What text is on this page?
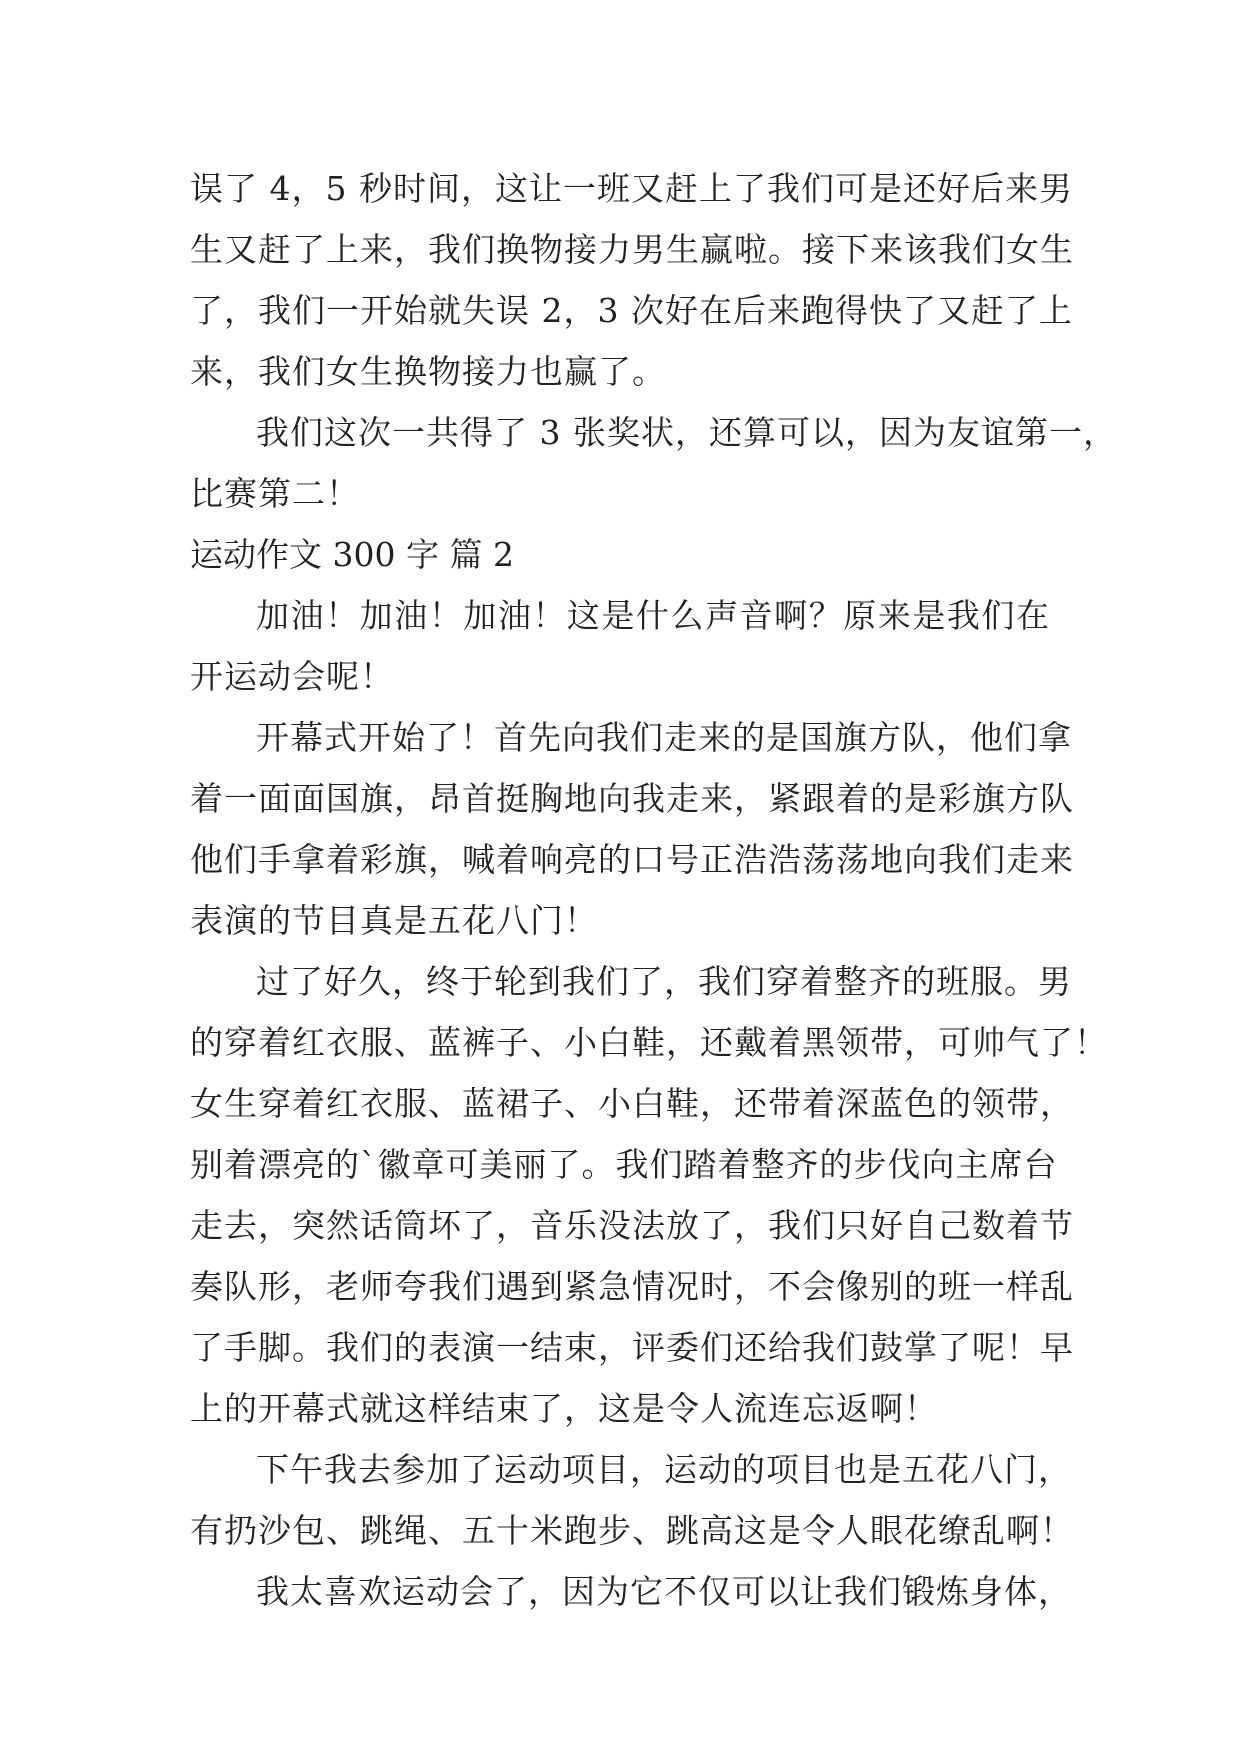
误了 4，5 秒时间，这让一班又赶上了我们可是还好后来男
生又赶了上来，我们换物接力男生赢啦。接下来该我们女生
了，我们一开始就失误 2，3 次好在后来跑得快了又赶了上
来，我们女生换物接力也赢了。
我们这次一共得了 3 张奖状，还算可以，因为友谊第一，
比赛第二！
运动作文 300 字 篇 2
加油！加油！加油！这是什么声音啊？原来是我们在
开运动会呢！
开幕式开始了！首先向我们走来的是国旗方队，他们拿
着一面面国旗，昂首挺胸地向我走来，紧跟着的是彩旗方队
他们手拿着彩旗，喊着响亮的口号正浩浩荡荡地向我们走来
表演的节目真是五花八门！
过了好久，终于轮到我们了，我们穿着整齐的班服。男
的穿着红衣服、蓝裤子、小白鞋，还戴着黑领带，可帅气了！
女生穿着红衣服、蓝裙子、小白鞋，还带着深蓝色的领带，
别着漂亮的`徽章可美丽了。我们踏着整齐的步伐向主席台
走去，突然话筒坏了，音乐没法放了，我们只好自己数着节
奏队形，老师夸我们遇到紧急情况时，不会像别的班一样乱
了手脚。我们的表演一结束，评委们还给我们鼓掌了呢！早
上的开幕式就这样结束了，这是令人流连忘返啊！
下午我去参加了运动项目，运动的项目也是五花八门，
有扔沙包、跳绳、五十米跑步、跳高这是令人眼花缭乱啊！
我太喜欢运动会了，因为它不仅可以让我们锻炼身体，
